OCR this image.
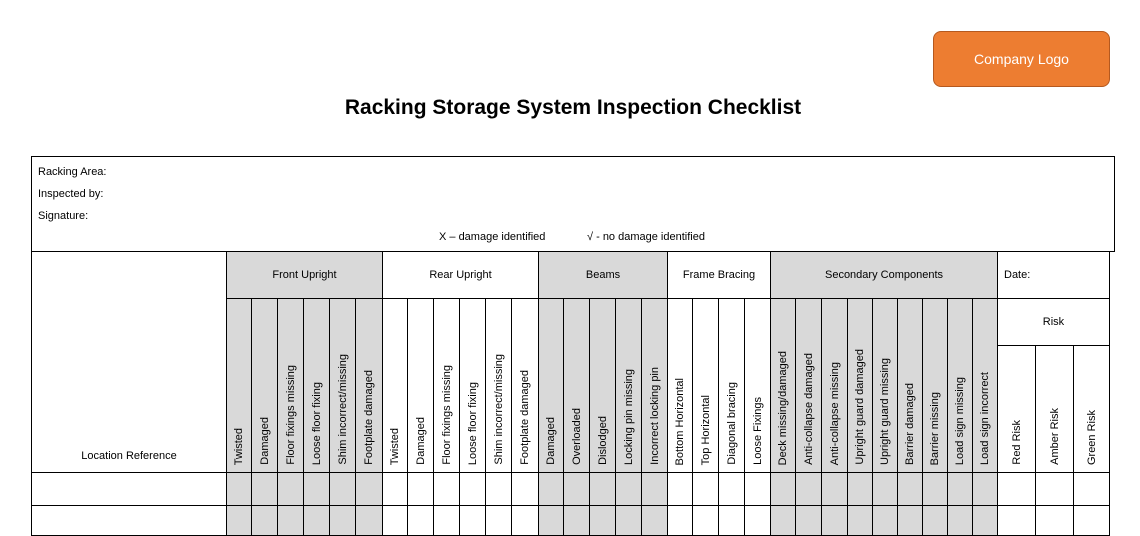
Company Logo
Racking Storage System Inspection Checklist
Racking Area:
Inspected by:
Signature:
X – damage identified √ - no damage identified																																	

Location Reference	Front Upright						Rear Upright						Beams					Frame Bracing				Secondary Components									Date:		
	Twisted	Damaged	Floor fixings missing	Loose floor fixing	Shim incorrect/missing	Footplate damaged	Twisted	Damaged	Floor fixings missing	Loose floor fixing	Shim incorrect/missing	Footplate damaged	Damaged	Overloaded	Dislodged	Locking pin missing	Incorrect locking pin	Bottom Horizontal	Top Horizontal	Diagonal bracing	Loose Fixings	Deck missing/damaged	Anti-collapse damaged	Anti-collapse missing	Upright guard damaged	Upright guard missing	Barrier damaged	Barrier missing	Load sign missing	Load sign incorrect	Risk		
																															Red Risk	Amber Risk	Green Risk
